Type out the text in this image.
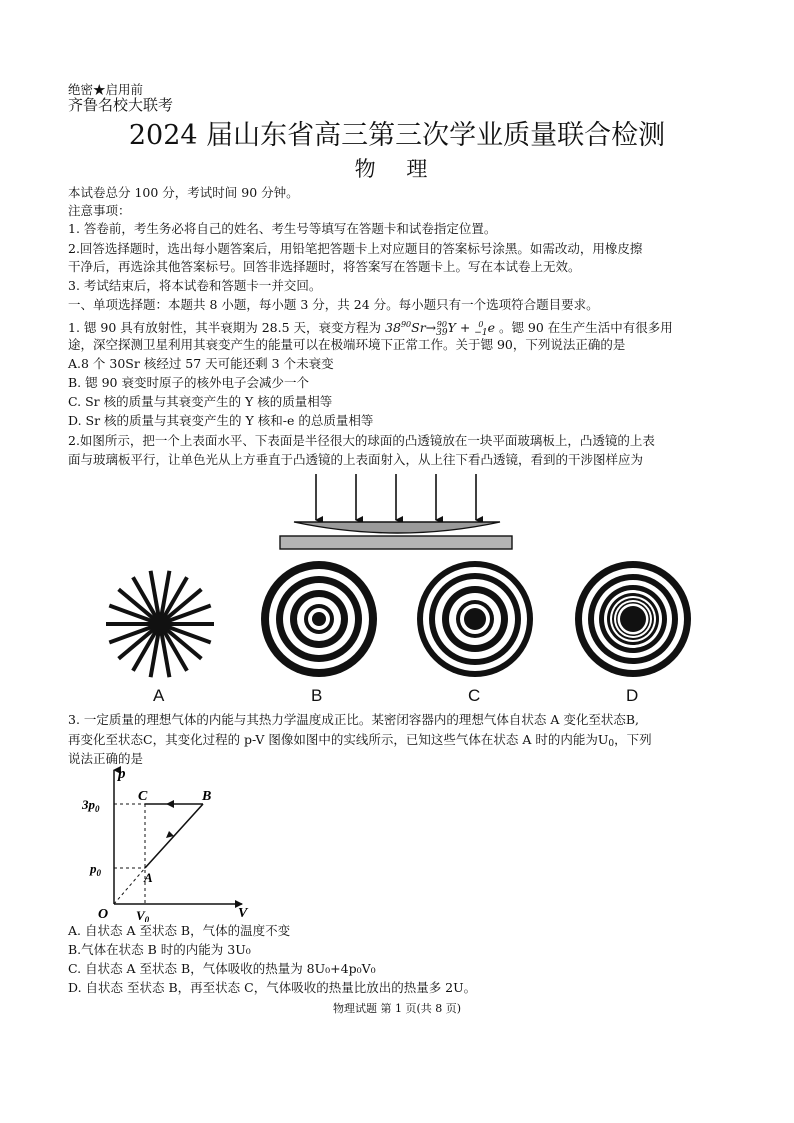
绝密★启用前
齐鲁名校大联考
2024 届山东省高三第三次学业质量联合检测
物 理
本试卷总分 100 分，考试时间 90 分钟。
注意事项：
1. 答卷前，考生务必将自己的姓名、考生号等填写在答题卡和试卷指定位置。
2.回答选择题时，选出每小题答案后，用铅笔把答题卡上对应题目的答案标号涂黑。如需改动，用橡皮擦
干净后，再选涂其他答案标号。回答非选择题时，将答案写在答题卡上。写在本试卷上无效。
3. 考试结束后，将本试卷和答题卡一并交回。
一、单项选择题：本题共 8 小题，每小题 3 分，共 24 分。每小题只有一个选项符合题目要求。
1. 锶 90 具有放射性，其半衰期为 28.5 天，衰变方程为 $38^{90}Sr\to 90$
39 Y + 0
−1 e 。锶 90 在生产生活中有很多用
途，深空探测卫星利用其衰变产生的能量可以在极端环境下正常工作。关于锶 90，下列说法正确的是
A.8 个 30Sr 核经过 57 天可能还剩 3 个未衰变
B. 锶 90 衰变时原子的核外电子会减少一个
C. Sr 核的质量与其衰变产生的 Y 核的质量相等
D. Sr 核的质量与其衰变产生的 Y 核和-e 的总质量相等
2.如图所示，把一个上表面水平、下表面是半径很大的球面的凸透镜放在一块平面玻璃板上，凸透镜的上表
面与玻璃板平行，让单色光从上方垂直于凸透镜的上表面射入，从上往下看凸透镜，看到的干涉图样应为
A	B	C	D
3. 一定质量的理想气体的内能与其热力学温度成正比。某密闭容器内的理想气体自状态 A 变化至状态B,
再变化至状态C，其变化过程的 p-V 图像如图中的实线所示，已知这些气体在状态 A 时的内能为$U_0$，下列
说法正确的是
p
V
O
$3p_0$
$p_0$
$V_0$
C	B
A
A. 自状态 A 至状态 B，气体的温度不变
B.气体在状态 B 时的内能为 3U₀
C. 自状态 A 至状态 B，气体吸收的热量为 8U₀+4p₀V₀
D. 自状态 至状态 B，再至状态 C，气体吸收的热量比放出的热量多 2U。
物理试题 第 1 页(共 8 页)
